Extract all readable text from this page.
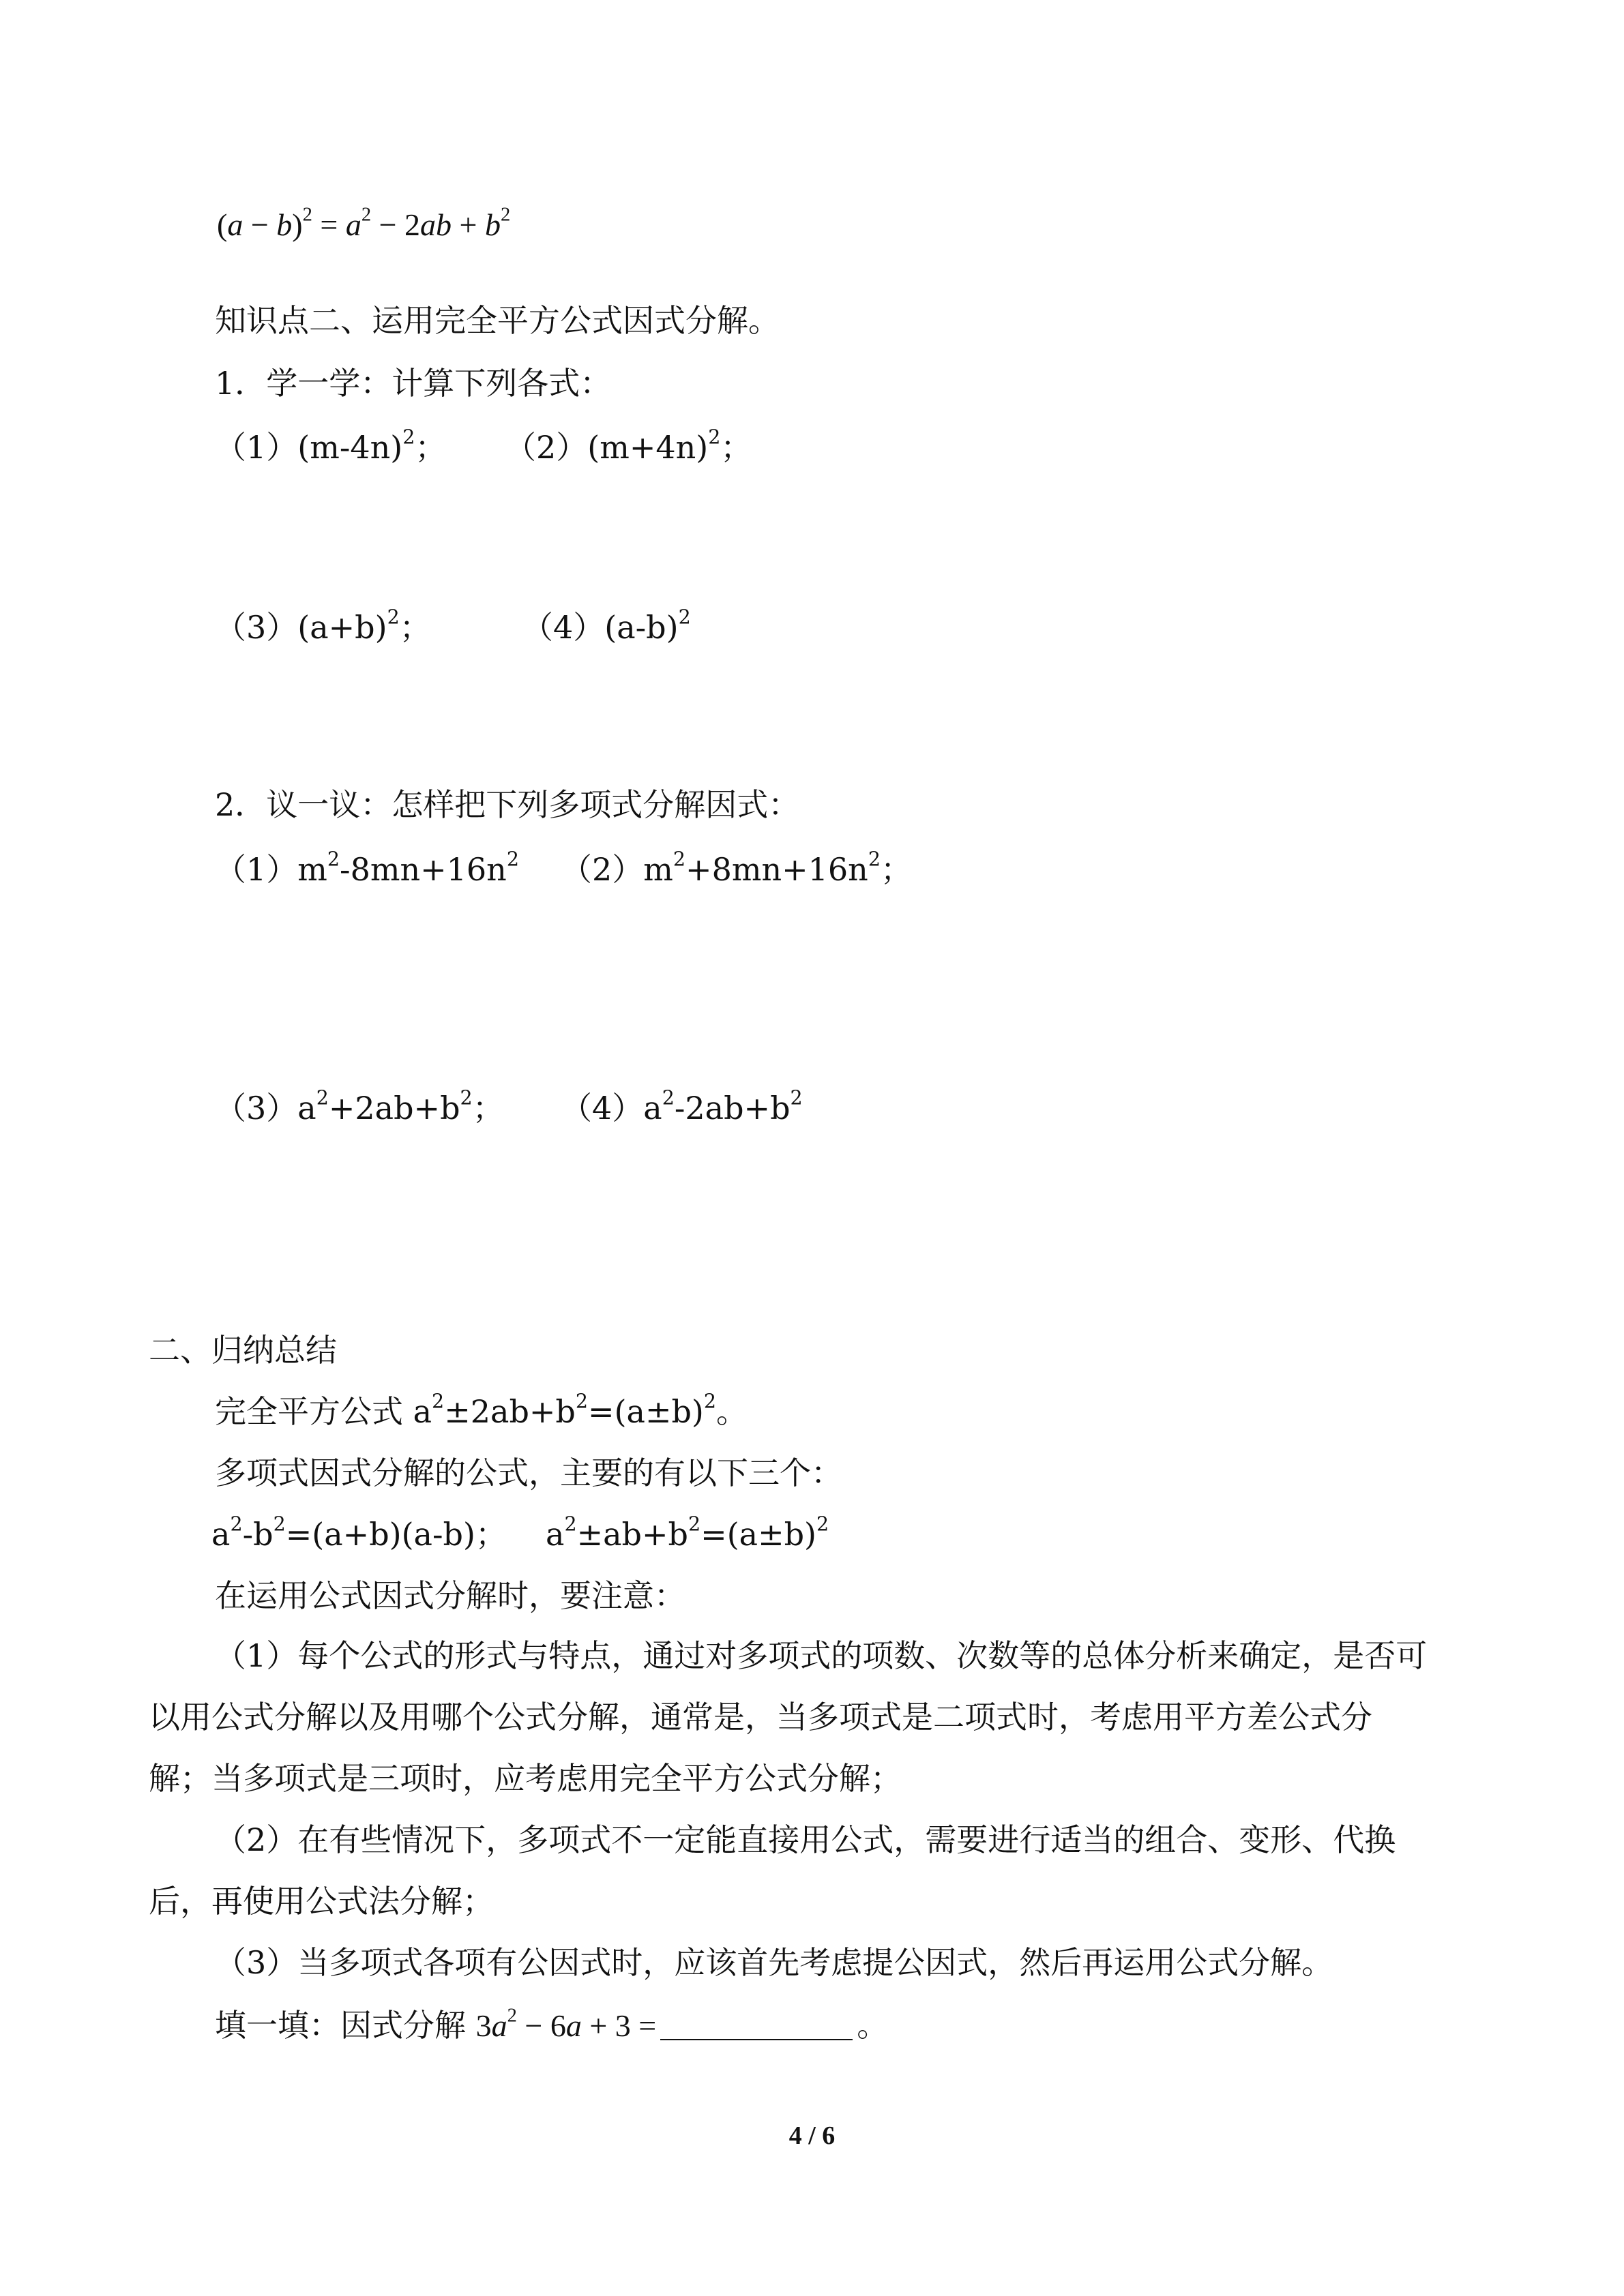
$(a - b)^2 = a^2 - 2ab + b^2$
知识点二、运用完全平方公式因式分解。
1．学一学：计算下列各式：
$(1)(m-4n)^2$； $(2)(m+4n)^2$；
$(3)(a+b)^2$；	$(4)(a-b)^2$
2．议一议：怎样把下列多项式分解因式：
$(1)m^2-8mn+16n^2$ $(2)m^2+8mn+16n^2$；
$(3)a^2+2ab+b^2$； $(4)a^2-2ab+b^2$
二、归纳总结
完全平方公式 $a^2\pm 2ab+b^2=(a\pm b)^2$。
多项式因式分解的公式，主要的有以下三个：
$a^2-b^2=(a+b)(a-b)$； $a^2\pm ab+b^2=(a\pm b)^2$
在运用公式因式分解时，要注意：
（1）每个公式的形式与特点，通过对多项式的项数、次数等的总体分析来确定，是否可
以用公式分解以及用哪个公式分解，通常是，当多项式是二项式时，考虑用平方差公式分
解；当多项式是三项时，应考虑用完全平方公式分解；
（2）在有些情况下，多项式不一定能直接用公式，需要进行适当的组合、变形、代换
后，再使用公式法分解；
（3）当多项式各项有公因式时，应该首先考虑提公因式，然后再运用公式分解。
填一填：因式分解 $3a^2 - 6a + 3$ =	。
4 / 6
